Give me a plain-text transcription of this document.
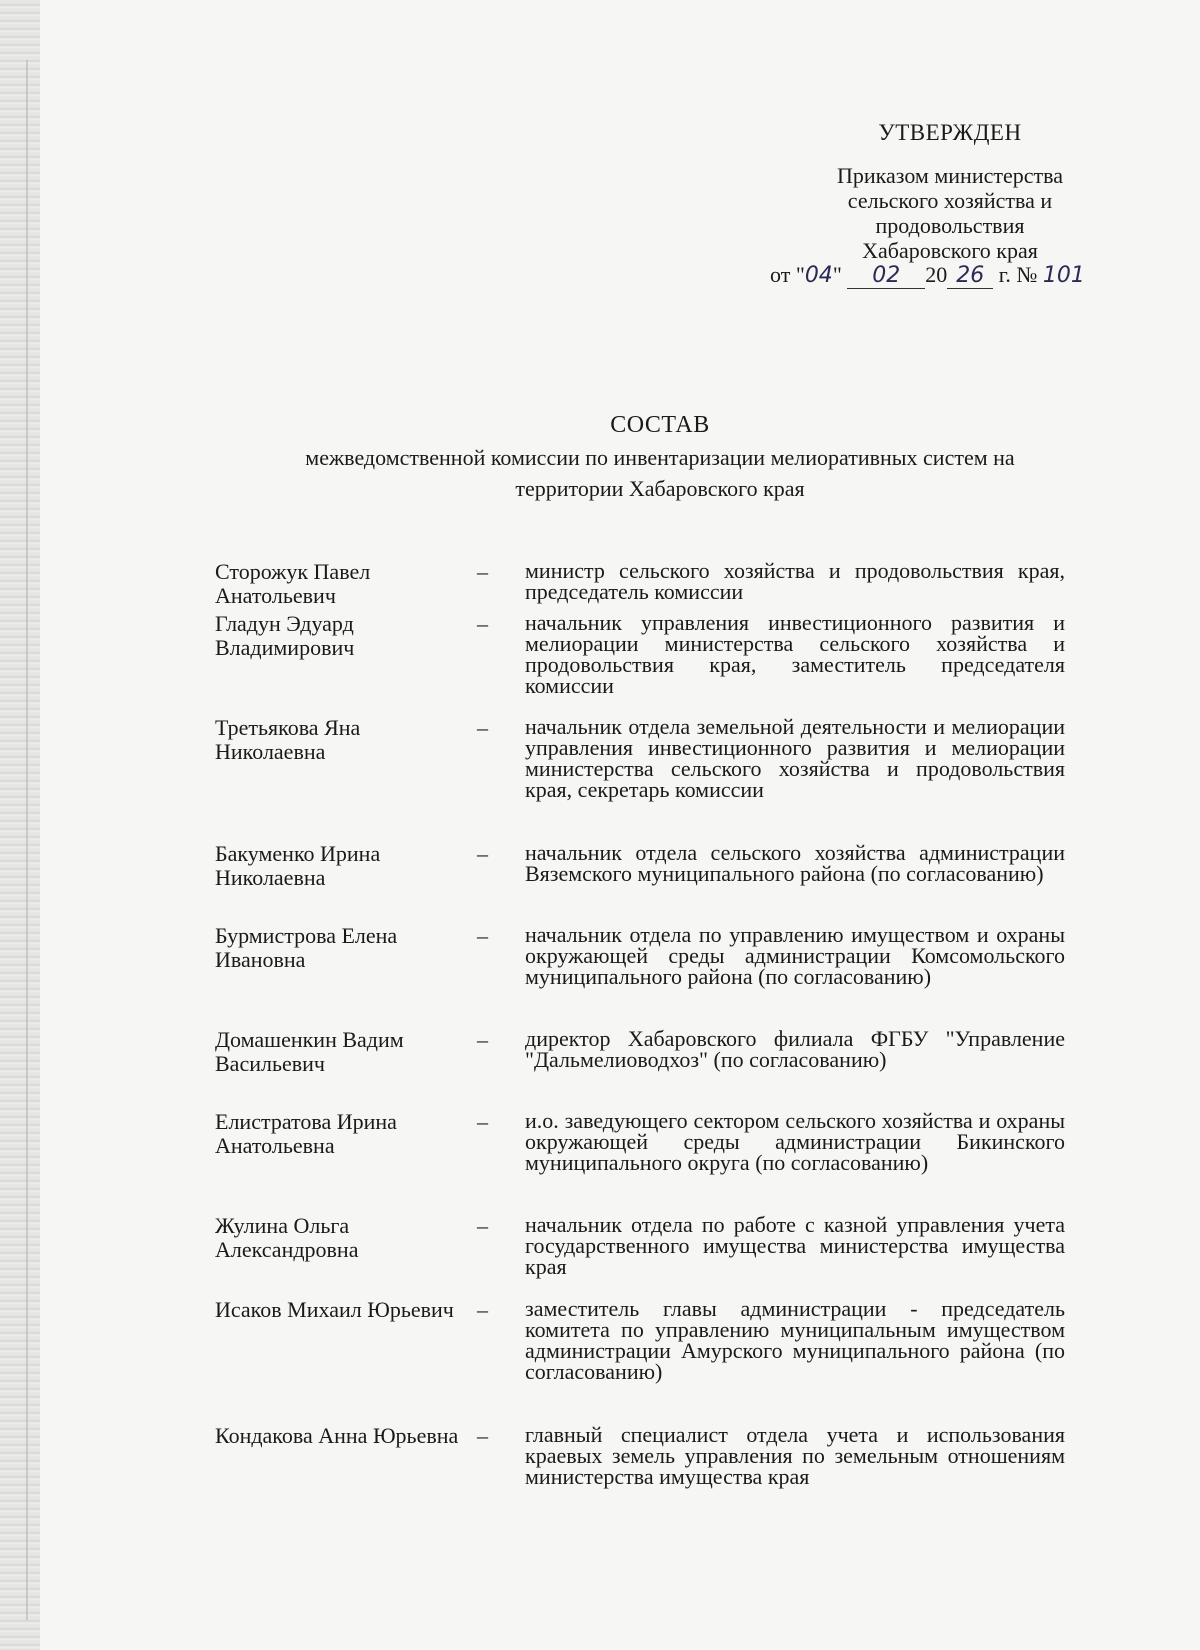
УТВЕРЖДЕН
Приказом министерства
сельского хозяйства и
продовольствия
Хабаровского края
от "04" 02 20 26 г. № 101
СОСТАВ
межведомственной комиссии по инвентаризации мелиоративных систем на
территории Хабаровского края
Сторожук Павел Анатольевич
–	министр сельского хозяйства и продовольствия края, председатель комиссии
Гладун Эдуард Владимирович
–	начальник управления инвестиционного развития и мелиорации министерства сельского хозяйства и продовольствия края, заместитель председателя комиссии
Третьякова Яна Николаевна
–	начальник отдела земельной деятельности и мелиорации управления инвестиционного развития и мелиорации министерства сельского хозяйства и продовольствия края, секретарь комиссии
Бакуменко Ирина Николаевна
–	начальник отдела сельского хозяйства администрации Вяземского муниципального района (по согласованию)
Бурмистрова Елена Ивановна
–	начальник отдела по управлению имуществом и охраны окружающей среды администрации Комсомольского муниципального района (по согласованию)
Домашенкин Вадим Васильевич
–	директор Хабаровского филиала ФГБУ "Управление "Дальмелиоводхоз" (по согласованию)
Елистратова Ирина Анатольевна
–	и.о. заведующего сектором сельского хозяйства и охраны окружающей среды администрации Бикинского муниципального округа (по согласованию)
Жулина Ольга Александровна
–	начальник отдела по работе с казной управления учета государственного имущества министерства имущества края
Исаков Михаил Юрьевич	–	заместитель главы администрации - председатель комитета по управлению муниципальным имуществом администрации Амурского муниципального района (по согласованию)
Кондакова Анна Юрьевна –	главный специалист отдела учета и использования краевых земель управления по земельным отношениям министерства имущества края
